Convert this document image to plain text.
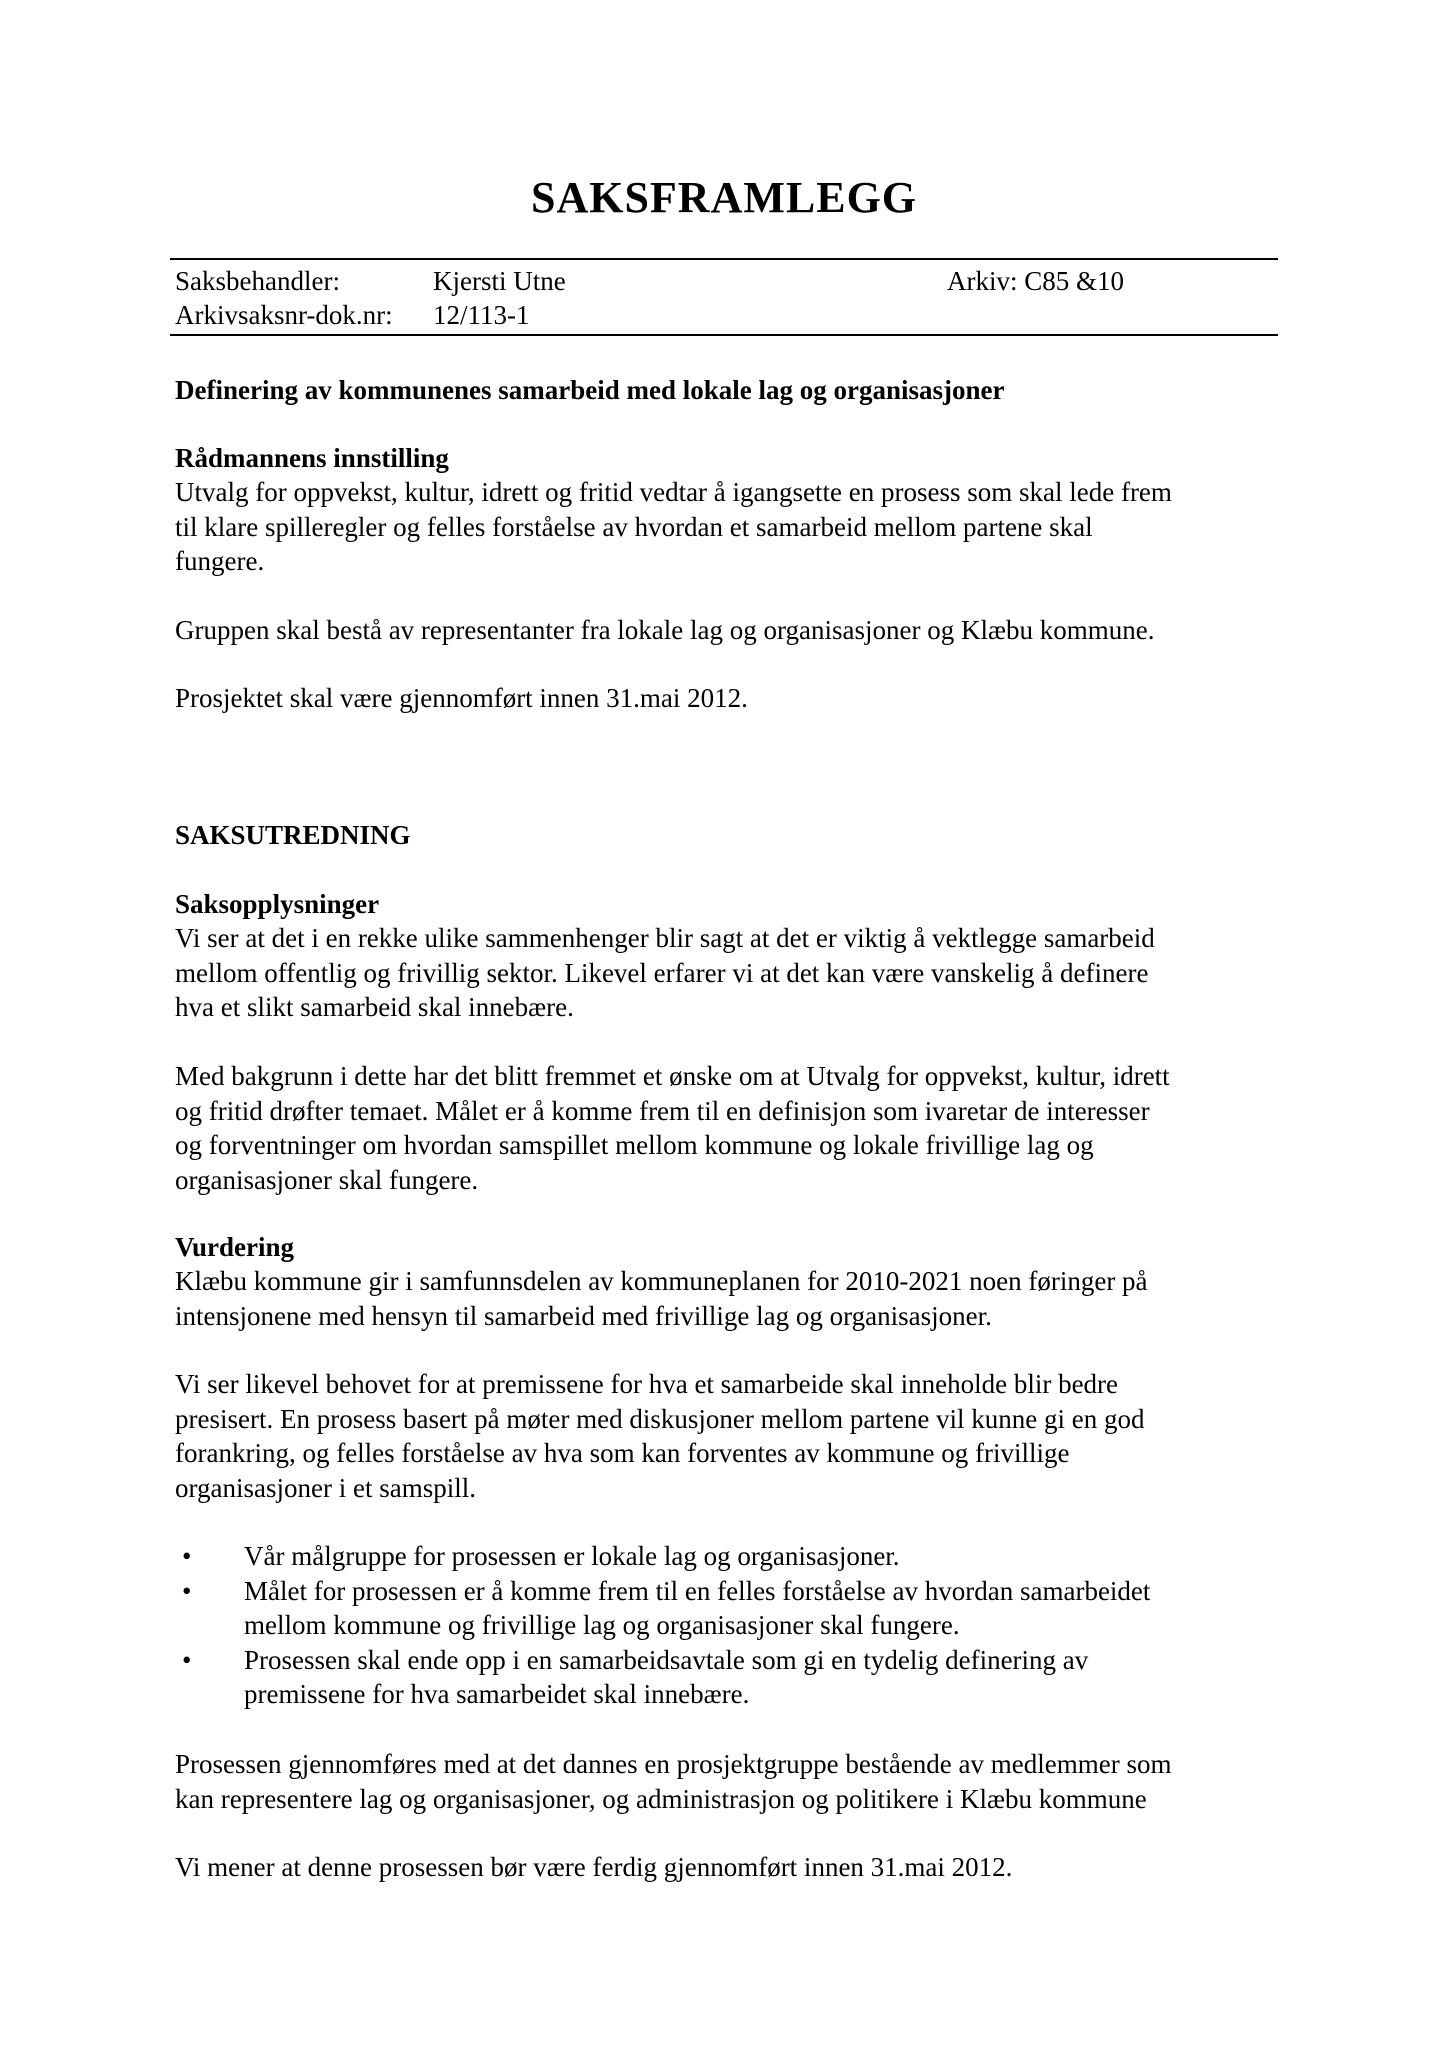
SAKSFRAMLEGG
Saksbehandler:	Kjersti Utne	Arkiv: C85 &10
Arkivsaksnr-dok.nr: 12/113-1
Definering av kommunenes samarbeid med lokale lag og organisasjoner
Rådmannens innstilling
Utvalg for oppvekst, kultur, idrett og fritid vedtar å igangsette en prosess som skal lede frem
til klare spilleregler og felles forståelse av hvordan et samarbeid mellom partene skal
fungere.
Gruppen skal bestå av representanter fra lokale lag og organisasjoner og Klæbu kommune.
Prosjektet skal være gjennomført innen 31.mai 2012.
SAKSUTREDNING
Saksopplysninger
Vi ser at det i en rekke ulike sammenhenger blir sagt at det er viktig å vektlegge samarbeid
mellom offentlig og frivillig sektor. Likevel erfarer vi at det kan være vanskelig å definere
hva et slikt samarbeid skal innebære.
Med bakgrunn i dette har det blitt fremmet et ønske om at Utvalg for oppvekst, kultur, idrett
og fritid drøfter temaet. Målet er å komme frem til en definisjon som ivaretar de interesser
og forventninger om hvordan samspillet mellom kommune og lokale frivillige lag og
organisasjoner skal fungere.
Vurdering
Klæbu kommune gir i samfunnsdelen av kommuneplanen for 2010-2021 noen føringer på
intensjonene med hensyn til samarbeid med frivillige lag og organisasjoner.
Vi ser likevel behovet for at premissene for hva et samarbeide skal inneholde blir bedre
presisert. En prosess basert på møter med diskusjoner mellom partene vil kunne gi en god
forankring, og felles forståelse av hva som kan forventes av kommune og frivillige
organisasjoner i et samspill.
• Vår målgruppe for prosessen er lokale lag og organisasjoner.
• Målet for prosessen er å komme frem til en felles forståelse av hvordan samarbeidet
mellom kommune og frivillige lag og organisasjoner skal fungere.
• Prosessen skal ende opp i en samarbeidsavtale som gi en tydelig definering av
premissene for hva samarbeidet skal innebære.
Prosessen gjennomføres med at det dannes en prosjektgruppe bestående av medlemmer som
kan representere lag og organisasjoner, og administrasjon og politikere i Klæbu kommune
Vi mener at denne prosessen bør være ferdig gjennomført innen 31.mai 2012.
